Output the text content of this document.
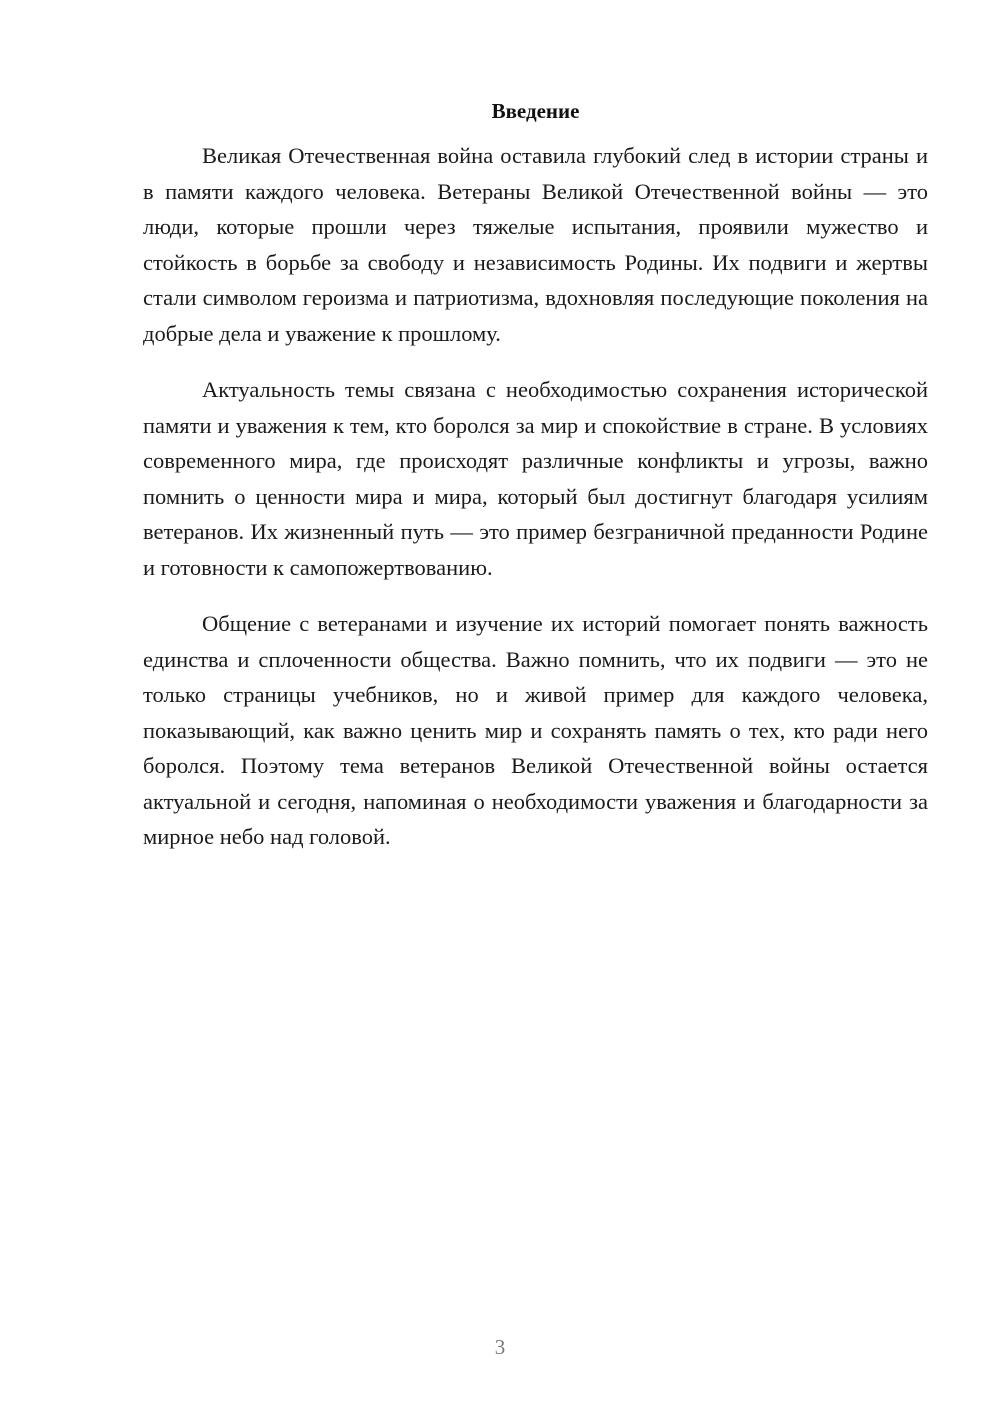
Введение

Великая Отечественная война оставила глубокий след в истории страны и в памяти каждого человека. Ветераны Великой Отечественной войны — это люди, которые прошли через тяжелые испытания, проявили мужество и стойкость в борьбе за свободу и независимость Родины. Их подвиги и жертвы стали символом героизма и патриотизма, вдохновляя последующие поколения на добрые дела и уважение к прошлому.

Актуальность темы связана с необходимостью сохранения исторической памяти и уважения к тем, кто боролся за мир и спокойствие в стране. В условиях современного мира, где происходят различные конфликты и угрозы, важно помнить о ценности мира и мира, который был достигнут благодаря усилиям ветеранов. Их жизненный путь — это пример безграничной преданности Родине и готовности к самопожертвованию.

Общение с ветеранами и изучение их историй помогает понять важность единства и сплоченности общества. Важно помнить, что их подвиги — это не только страницы учебников, но и живой пример для каждого человека, показывающий, как важно ценить мир и сохранять память о тех, кто ради него боролся. Поэтому тема ветеранов Великой Отечественной войны остается актуальной и сегодня, напоминая о необходимости уважения и благодарности за мирное небо над головой.

3
